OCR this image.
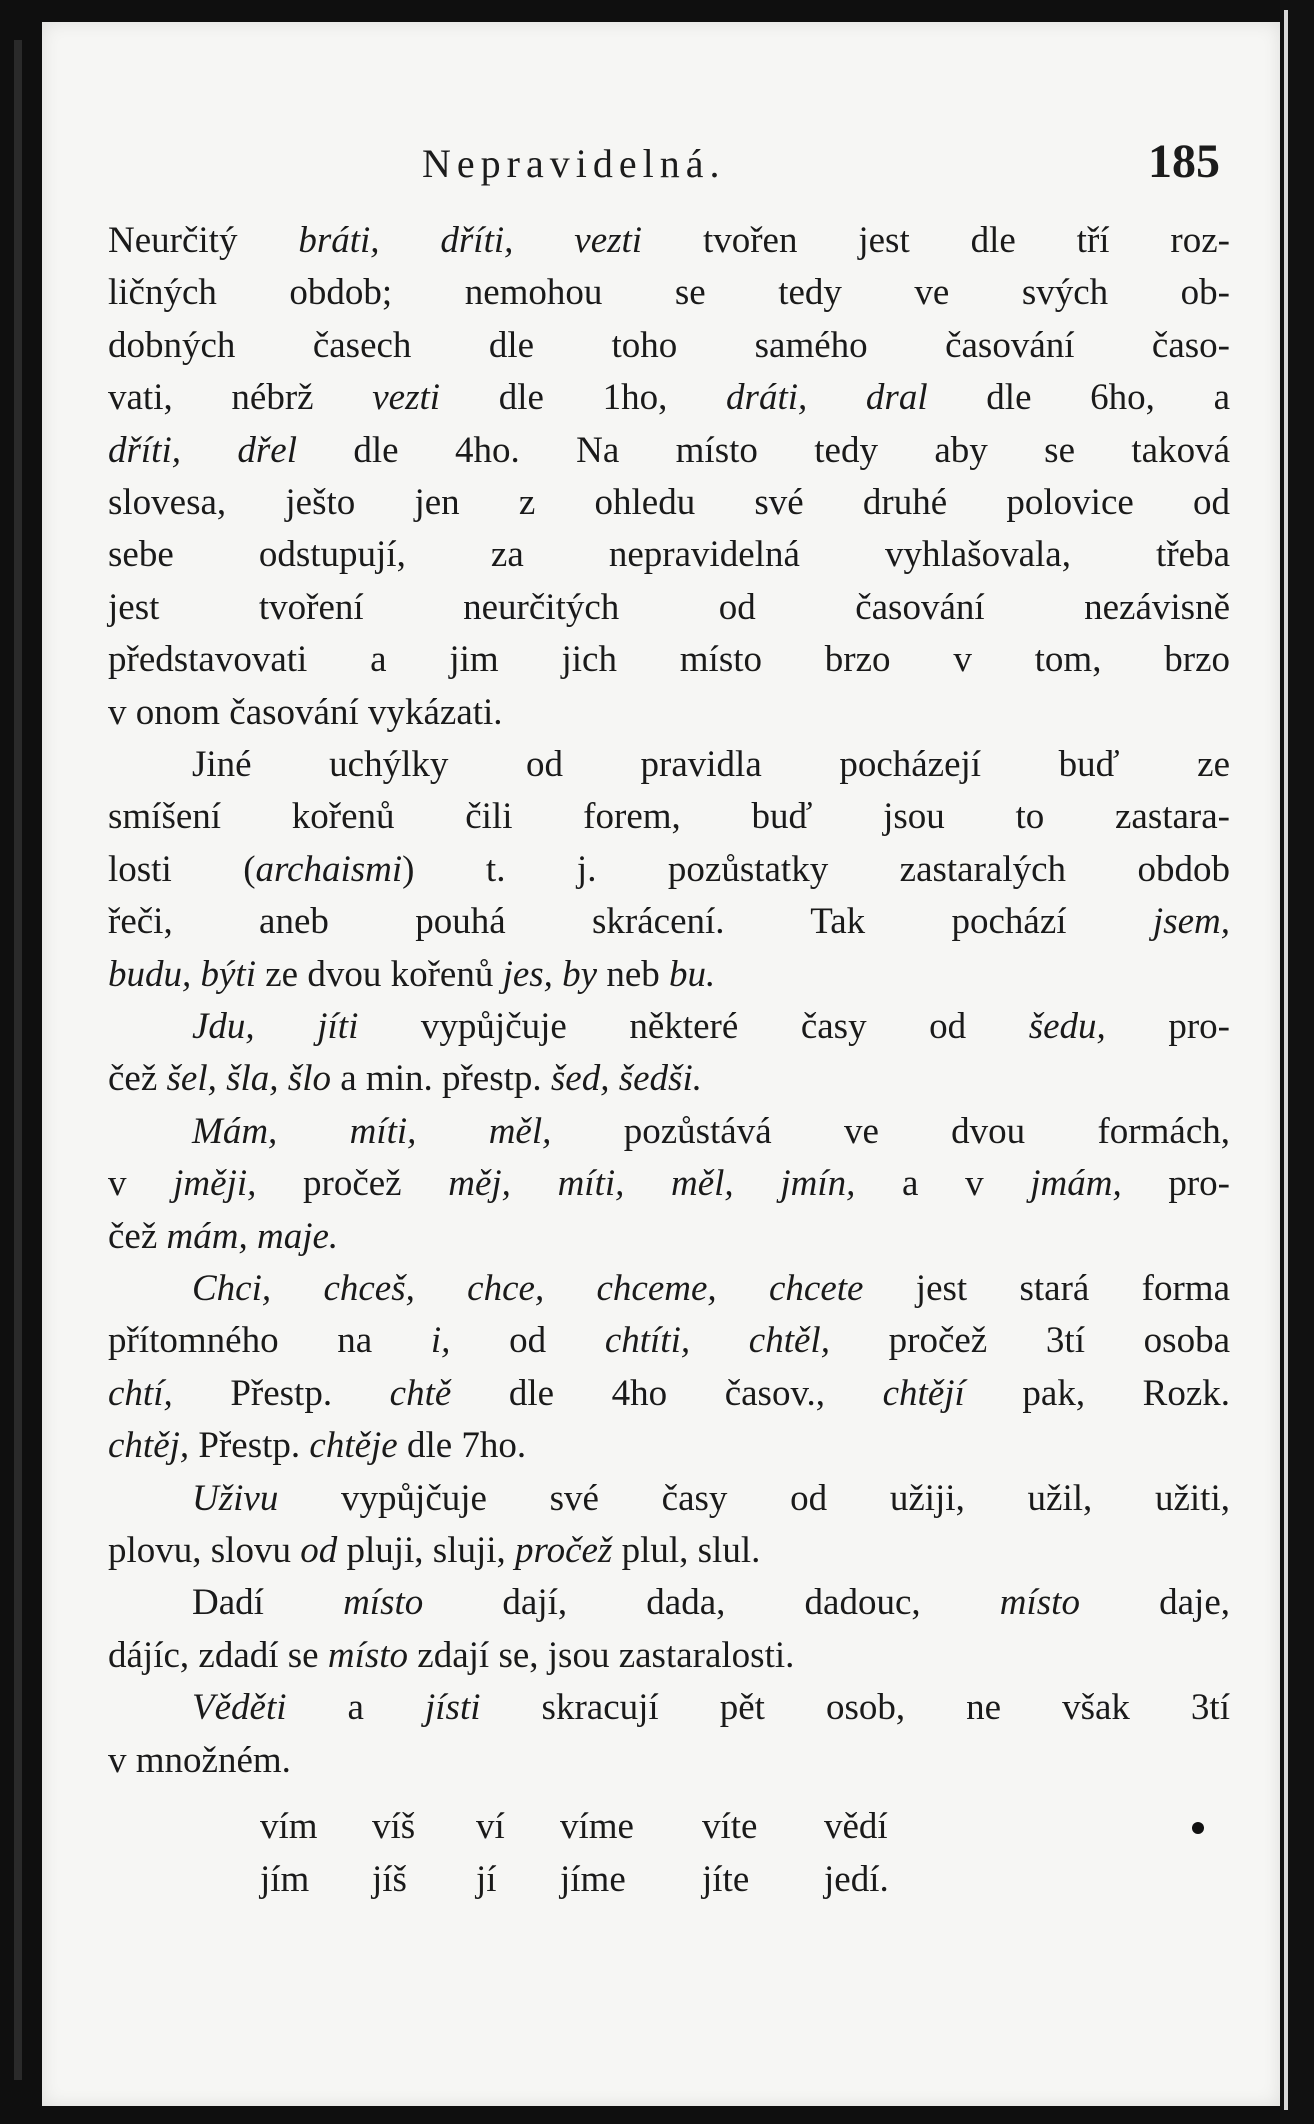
Nepravidelná.	185
Neurčitý bráti, dříti, vezti tvořen jest dle tří roz-
ličných obdob; nemohou se tedy ve svých ob-
dobných časech dle toho samého časování časo-
vati, nébrž vezti dle 1ho, dráti, dral dle 6ho, a
dříti, dřel dle 4ho. Na místo tedy aby se taková
slovesa, ješto jen z ohledu své druhé polovice od
sebe odstupují, za nepravidelná vyhlašovala, třeba
jest tvoření neurčitých od časování nezávisně
představovati a jim jich místo brzo v tom, brzo
v onom časování vykázati.
Jiné uchýlky od pravidla pocházejí buď ze
smíšení kořenů čili forem, buď jsou to zastara-
losti (archaismi) t. j. pozůstatky zastaralých obdob
řeči, aneb pouhá skrácení. Tak pochází jsem,
budu, býti ze dvou kořenů jes, by neb bu.
Jdu, jíti vypůjčuje některé časy od šedu, pro-
čež šel, šla, šlo a min. přestp. šed, šedši.
Mám, míti, měl, pozůstává ve dvou formách,
v jměji, pročež měj, míti, měl, jmín, a v jmám, pro-
čež mám, maje.
Chci, chceš, chce, chceme, chcete jest stará forma
přítomného na i, od chtíti, chtěl, pročež 3tí osoba
chtí, Přestp. chtě dle 4ho časov., chtějí pak, Rozk.
chtěj, Přestp. chtěje dle 7ho.
Uživu vypůjčuje své časy od užiji, užil, užiti,
plovu, slovu od pluji, sluji, pročež plul, slul.
Dadí místo dají, dada, dadouc, místo daje,
dájíc, zdadí se místo zdají se, jsou zastaralosti.
Věděti a jísti skracují pět osob, ne však 3tí
v množném.
vím	víš	ví	víme	víte	vědí
jím	jíš	jí	jíme	jíte	jedí.
